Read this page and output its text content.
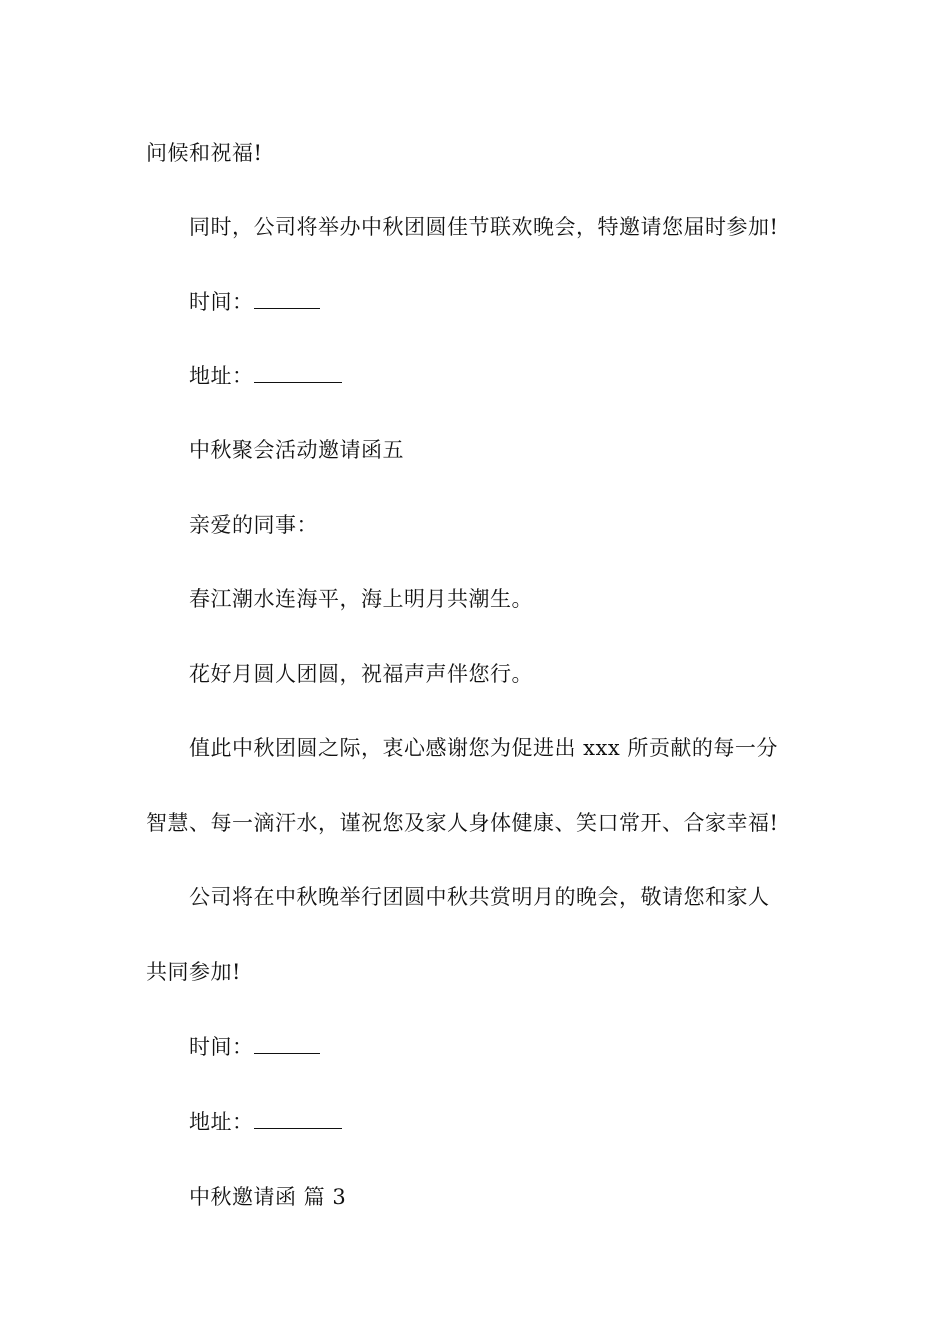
问候和祝福!
同时，公司将举办中秋团圆佳节联欢晚会，特邀请您届时参加!
时间：
地址：
中秋聚会活动邀请函五
亲爱的同事：
春江潮水连海平，海上明月共潮生。
花好月圆人团圆，祝福声声伴您行。
值此中秋团圆之际，衷心感谢您为促进出 xxx 所贡献的每一分
智慧、每一滴汗水，谨祝您及家人身体健康、笑口常开、合家幸福!
公司将在中秋晚举行团圆中秋共赏明月的晚会，敬请您和家人
共同参加!
时间：
地址：
中秋邀请函 篇 3
